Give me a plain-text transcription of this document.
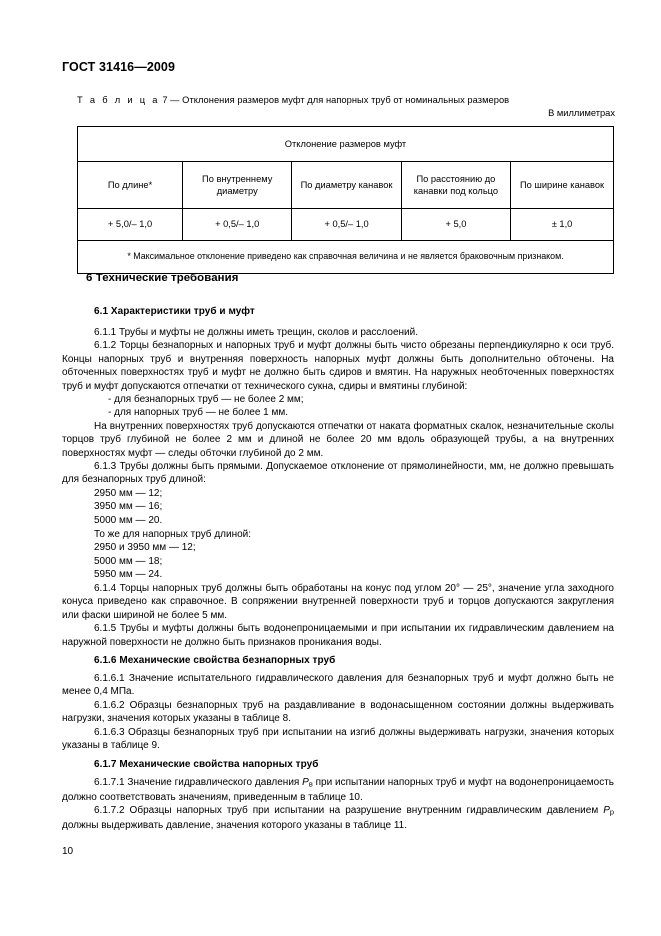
ГОСТ 31416—2009
Т а б л и ц а 7 — Отклонения размеров муфт для напорных труб от номинальных размеров
В миллиметрах
Отклонение размеров муфт				
По длине*	По внутреннему диаметру	По диаметру канавок	По расстоянию до канавки под кольцо	По ширине канавок
+ 5,0/– 1,0	+ 0,5/– 1,0	+ 0,5/– 1,0	+ 5,0	± 1,0
* Максимальное отклонение приведено как справочная величина и не является браковочным признаком.				
6 Технические требования
6.1 Характеристики труб и муфт

6.1.1 Трубы и муфты не должны иметь трещин, сколов и расслоений.

6.1.2 Торцы безнапорных и напорных труб и муфт должны быть чисто обрезаны перпендикулярно к оси труб. Концы напорных труб и внутренняя поверхность напорных муфт должны быть дополнительно обточены. На обточенных поверхностях труб и муфт не должно быть сдиров и вмятин. На наружных необточенных поверхностях труб и муфт допускаются отпечатки от технического сукна, сдиры и вмятины глубиной:

- для безнапорных труб — не более 2 мм;

- для напорных труб — не более 1 мм.

На внутренних поверхностях труб допускаются отпечатки от наката форматных скалок, незначительные сколы торцов труб глубиной не более 2 мм и длиной не более 20 мм вдоль образующей трубы, а на внутренних поверхностях муфт — следы обточки глубиной до 2 мм.

6.1.3 Трубы должны быть прямыми. Допускаемое отклонение от прямолинейности, мм, не должно превышать для безнапорных труб длиной:

2950 мм — 12;

3950 мм — 16;

5000 мм — 20.

То же для напорных труб длиной:

2950 и 3950 мм — 12;

5000 мм — 18;

5950 мм — 24.

6.1.4 Торцы напорных труб должны быть обработаны на конус под углом 20° — 25°, значение угла заходного конуса приведено как справочное. В сопряжении внутренней поверхности труб и торцов допускаются закругления или фаски шириной не более 5 мм.

6.1.5 Трубы и муфты должны быть водонепроницаемыми и при испытании их гидравлическим давлением на наружной поверхности не должно быть признаков проникания воды.

6.1.6 Механические свойства безнапорных труб

6.1.6.1 Значение испытательного гидравлического давления для безнапорных труб и муфт должно быть не менее 0,4 МПа.

6.1.6.2 Образцы безнапорных труб на раздавливание в водонасыщенном состоянии должны выдерживать нагрузки, значения которых указаны в таблице 8.

6.1.6.3 Образцы безнапорных труб при испытании на изгиб должны выдерживать нагрузки, значения которых указаны в таблице 9.

6.1.7 Механические свойства напорных труб

6.1.7.1 Значение гидравлического давления $P_в$ при испытании напорных труб и муфт на водонепроницаемость должно соответствовать значениям, приведенным в таблице 10.

6.1.7.2 Образцы напорных труб при испытании на разрушение внутренним гидравлическим давлением $P_р$ должны выдерживать давление, значения которого указаны в таблице 11.

10
